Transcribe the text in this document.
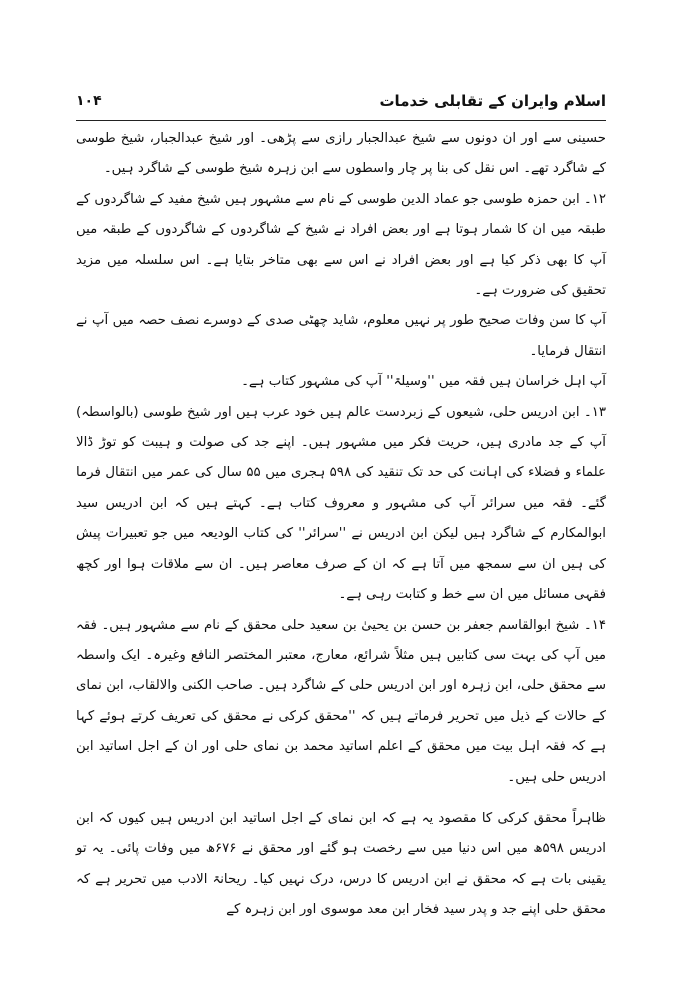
اسلام وایران کے تقابلی خدمات
۱۰۴

حسینی سے اور ان دونوں سے شیخ عبدالجبار رازی سے پڑھی۔ اور شیخ عبدالجبار، شیخ طوسی کے شاگرد تھے۔ اس نقل کی بنا پر چار واسطوں سے ابن زہرہ شیخ طوسی کے شاگرد ہیں۔

۱۲۔ ابن حمزہ طوسی جو عماد الدین طوسی کے نام سے مشہور ہیں شیخ مفید کے شاگردوں کے طبقہ میں ان کا شمار ہوتا ہے اور بعض افراد نے شیخ کے شاگردوں کے شاگردوں کے طبقہ میں آپ کا بھی ذکر کیا ہے اور بعض افراد نے اس سے بھی متاخر بتایا ہے۔ اس سلسلہ میں مزید تحقیق کی ضرورت ہے۔

آپ کا سن وفات صحیح طور پر نہیں معلوم، شاید چھٹی صدی کے دوسرے نصف حصہ میں آپ نے انتقال فرمایا۔

آپ اہل خراسان ہیں فقہ میں ''وسیلۃ'' آپ کی مشہور کتاب ہے۔

۱۳۔ ابن ادریس حلی، شیعوں کے زبردست عالم ہیں خود عرب ہیں اور شیخ طوسی (بالواسطہ) آپ کے جد مادری ہیں، حریت فکر میں مشہور ہیں۔ اپنے جد کی صولت و ہیبت کو توڑ ڈالا علماء و فضلاء کی اہانت کی حد تک تنقید کی ۵۹۸ ہجری میں ۵۵ سال کی عمر میں انتقال فرما گئے۔ فقہ میں سرائر آپ کی مشہور و معروف کتاب ہے۔ کہتے ہیں کہ ابن ادریس سید ابوالمکارم کے شاگرد ہیں لیکن ابن ادریس نے ''سرائر'' کی کتاب الودیعہ میں جو تعبیرات پیش کی ہیں ان سے سمجھ میں آتا ہے کہ ان کے صرف معاصر ہیں۔ ان سے ملاقات ہوا اور کچھ فقہی مسائل میں ان سے خط و کتابت رہی ہے۔

۱۴۔ شیخ ابوالقاسم جعفر بن حسن بن یحییٰ بن سعید حلی محقق کے نام سے مشہور ہیں۔ فقہ میں آپ کی بہت سی کتابیں ہیں مثلاً شرائع، معارج، معتبر المختصر النافع وغیرہ۔ ایک واسطہ سے محقق حلی، ابن زہرہ اور ابن ادریس حلی کے شاگرد ہیں۔ صاحب الکنی والالقاب، ابن نمای کے حالات کے ذیل میں تحریر فرماتے ہیں کہ ''محقق کرکی نے محقق کی تعریف کرتے ہوئے کہا ہے کہ فقہ اہل بیت میں محقق کے اعلم اساتید محمد بن نمای حلی اور ان کے اجل اساتید ابن ادریس حلی ہیں۔

ظاہراً محقق کرکی کا مقصود یہ ہے کہ ابن نمای کے اجل اساتید ابن ادریس ہیں کیوں کہ ابن ادریس ۵۹۸ھ میں اس دنیا میں سے رخصت ہو گئے اور محقق نے ۶۷۶ھ میں وفات پائی۔ یہ تو یقینی بات ہے کہ محقق نے ابن ادریس کا درس، درک نہیں کیا۔ ریحانۃ الادب میں تحریر ہے کہ محقق حلی اپنے جد و پدر سید فخار ابن معد موسوی اور ابن زہرہ کے
